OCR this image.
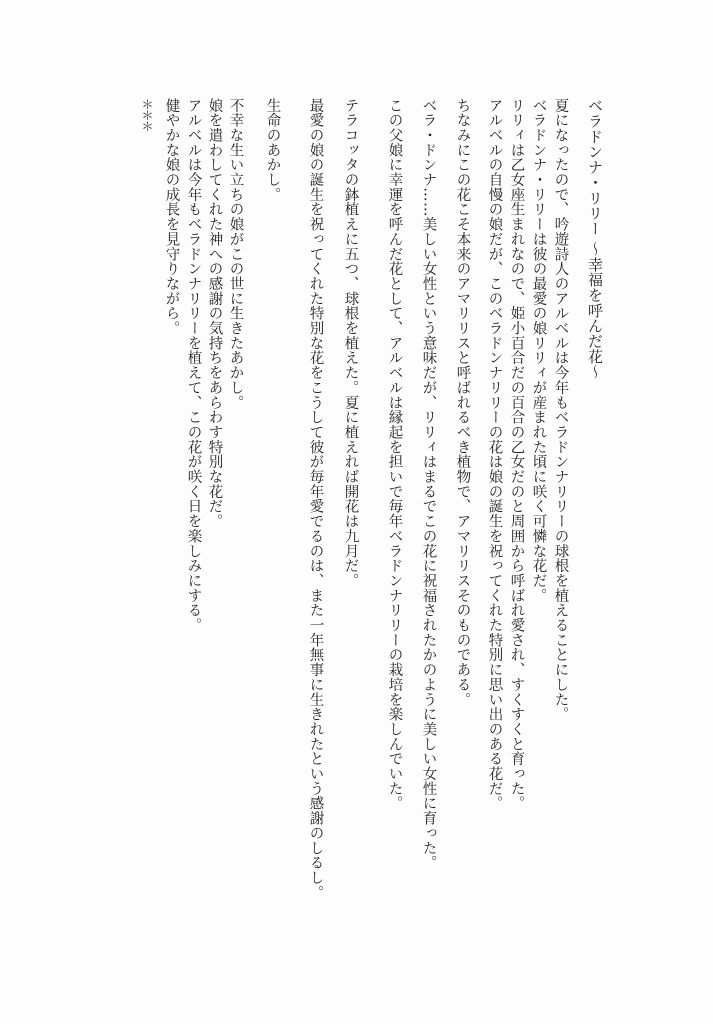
ベラドンナ・リリー 〜幸福を呼んだ花〜
夏になったので、吟遊詩人のアルベルは今年もベラドンナリリーの球根を植えることにした。
ベラドンナ・リリーは彼の最愛の娘リリィが産まれた頃に咲く可憐な花だ。
リリィは乙女座生まれなので、姫小百合だの百合の乙女だのと周囲から呼ばれ愛され、すくすくと育った。
アルベルの自慢の娘だが、このベラドンナリリーの花は娘の誕生を祝ってくれた特別に思い出のある花だ。
ちなみにこの花こそ本来のアマリリスと呼ばれるべき植物で、アマリリスそのものである。
ベラ・ドンナ……美しい女性という意味だが、リリィはまるでこの花に祝福されたかのように美しい女性に育った。
この父娘に幸運を呼んだ花として、アルベルは縁起を担いで毎年ベラドンナリリーの栽培を楽しんでいた。
テラコッタの鉢植えに五つ、球根を植えた。夏に植えれば開花は九月だ。
最愛の娘の誕生を祝ってくれた特別な花をこうして彼が毎年愛でるのは、また一年無事に生きれたという感謝のしるし。
生命のあかし。
不幸な生い立ちの娘がこの世に生きたあかし。
娘を遣わしてくれた神への感謝の気持ちをあらわす特別な花だ。
アルベルは今年もベラドンナリリーを植えて、この花が咲く日を楽しみにする。
健やかな娘の成長を見守りながら。
＊＊＊
